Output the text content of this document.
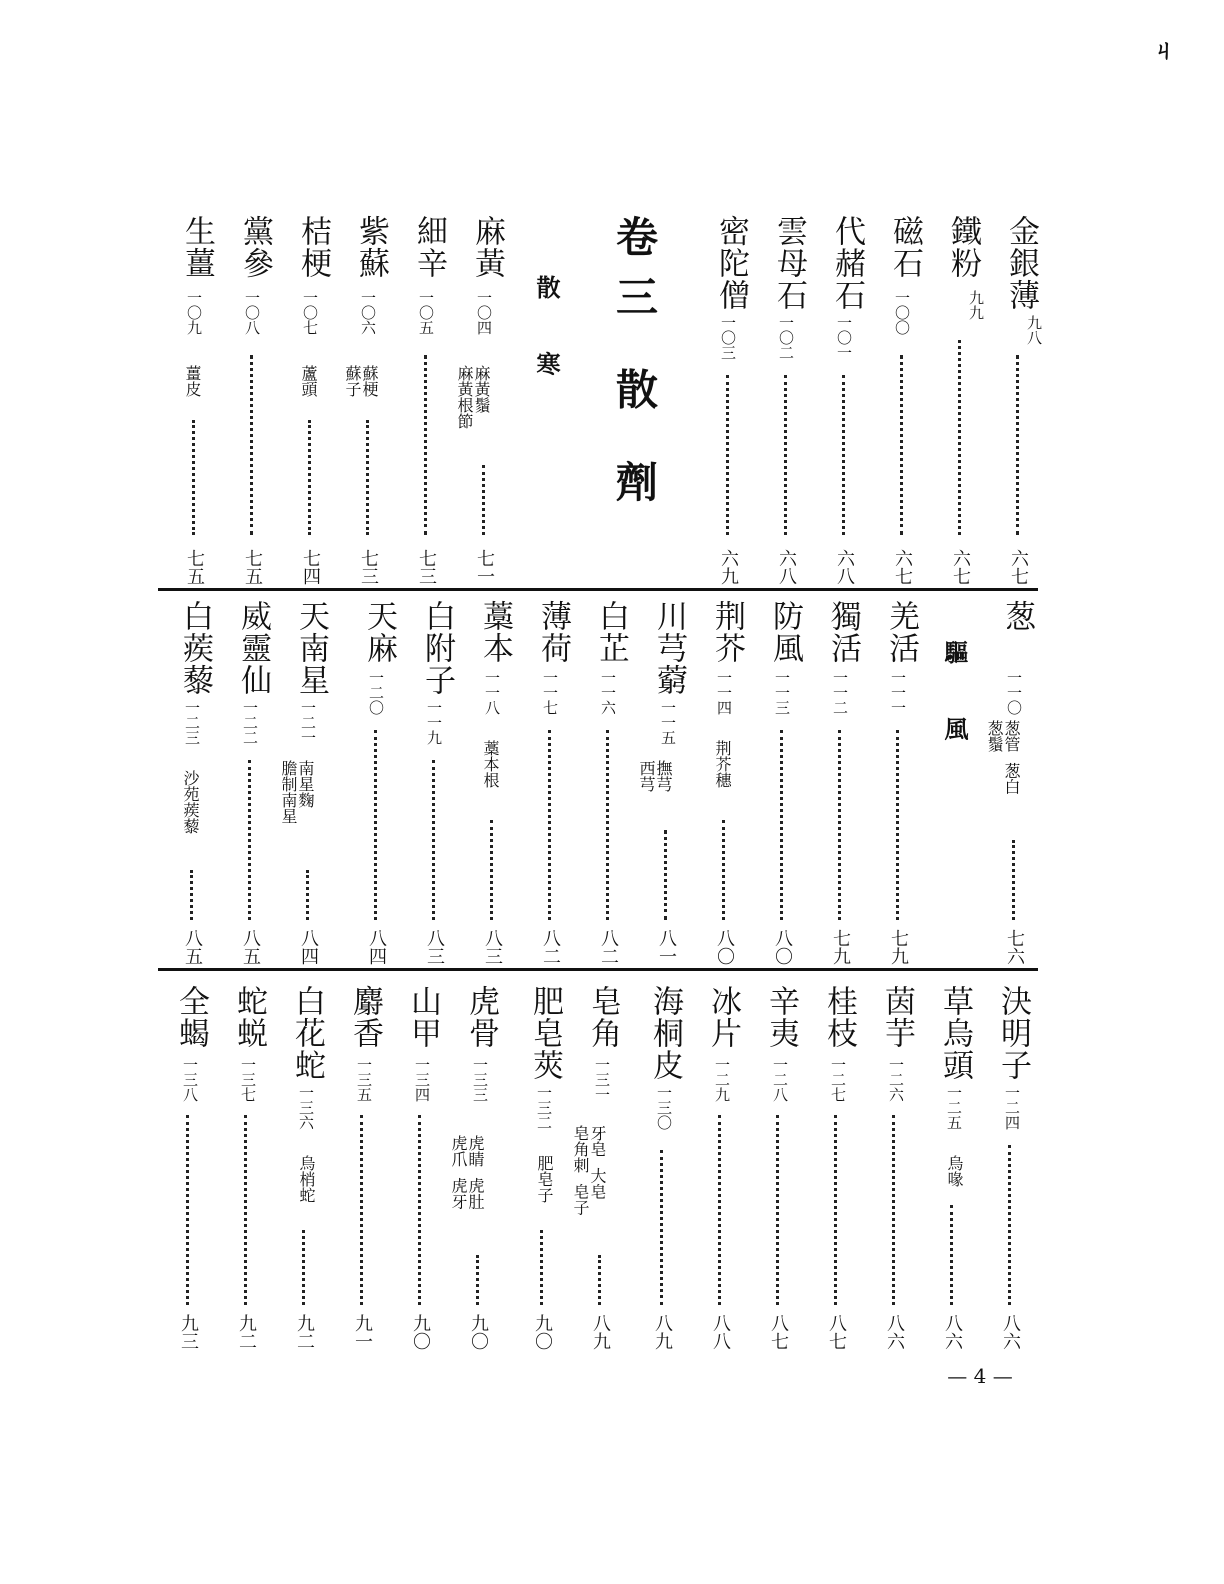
ㄐ
金銀薄
九八
六七
鐵粉
九九
六七
磁石
一〇〇
六七
代赭石
一〇一
六八
雲母石
一〇二
六八
密陀僧
一〇三
六九
卷三 散 劑
散 寒
麻黃
一〇四
麻黃鬚
麻黃根節
七一
細辛
一〇五
七三
紫蘇
一〇六
蘇梗
蘇子
七三
桔梗
一〇七
蘆頭
七四
黨參
一〇八
七五
生薑
一〇九
薑皮
七五
葱
一一〇
葱管  葱白
葱鬚
七六
驅 風
羌活
一一一
七九
獨活
一一二
七九
防風
一一三
八〇
荆芥
一一四
荆芥穗
八〇
川芎藭
一一五
撫芎
西芎
八一
白芷
一一六
八二
薄荷
一一七
八二
藁本
一一八
藁本根
八三
白附子
一一九
八三
天麻
一二〇
八四
天南星
一二一
南星麴
膽制南星
八四
威靈仙
一二二
八五
白蒺藜
一二三
沙苑蒺藜
八五
決明子
一二四
八六
草烏頭
一二五
烏喙
八六
茵芋
一二六
八六
桂枝
一二七
八七
辛夷
一二八
八七
冰片
一二九
八八
海桐皮
一三〇
八九
皂角
一三一
牙皂  大皂
皂角刺  皂子
八九
肥皂莢
一三二
肥皂子
九〇
虎骨
一三三
虎睛  虎肚
虎爪  虎牙
九〇
山甲
一三四
九〇
麝香
一三五
九一
白花蛇
一三六
烏梢蛇
九二
蛇蜕
一三七
九二
全蝎
一三八
九三
— 4 —
